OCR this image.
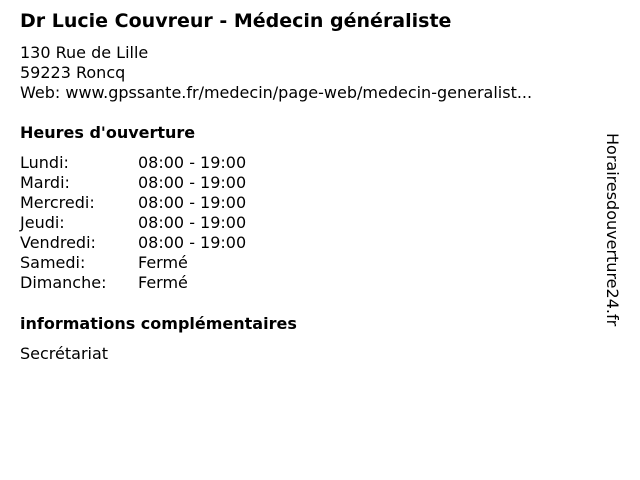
Dr Lucie Couvreur - Médecin généraliste
130 Rue de Lille
59223 Roncq
Web: www.gpssante.fr/medecin/page-web/medecin-generalist...
Heures d'ouverture
Lundi:	08:00 - 19:00
Mardi:	08:00 - 19:00
Mercredi:	08:00 - 19:00
Jeudi:	08:00 - 19:00
Vendredi:	08:00 - 19:00
Samedi:	Fermé
Dimanche:	Fermé
informations complémentaires
Secrétariat
Horairesdouverture24.fr
